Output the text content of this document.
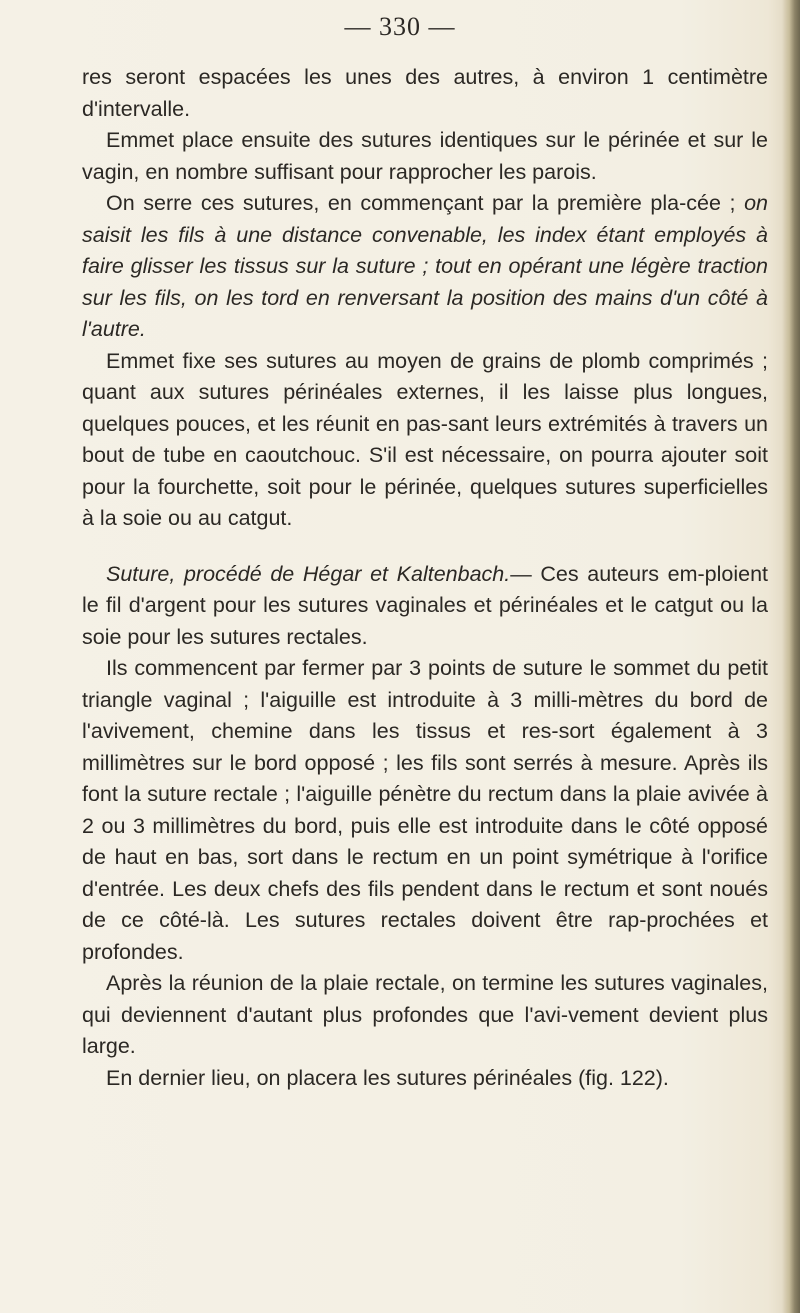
— 330 —

res seront espacées les unes des autres, à environ 1 centimètre d'intervalle.

Emmet place ensuite des sutures identiques sur le périnée et sur le vagin, en nombre suffisant pour rapprocher les parois.

On serre ces sutures, en commençant par la première pla-cée ; on saisit les fils à une distance convenable, les index étant employés à faire glisser les tissus sur la suture ; tout en opérant une légère traction sur les fils, on les tord en renversant la position des mains d'un côté à l'autre.

Emmet fixe ses sutures au moyen de grains de plomb comprimés ; quant aux sutures périnéales externes, il les laisse plus longues, quelques pouces, et les réunit en pas-sant leurs extrémités à travers un bout de tube en caoutchouc. S'il est nécessaire, on pourra ajouter soit pour la fourchette, soit pour le périnée, quelques sutures superficielles à la soie ou au catgut.

Suture, procédé de Hégar et Kaltenbach.— Ces auteurs em-ploient le fil d'argent pour les sutures vaginales et périnéales et le catgut ou la soie pour les sutures rectales.

Ils commencent par fermer par 3 points de suture le sommet du petit triangle vaginal ; l'aiguille est introduite à 3 milli-mètres du bord de l'avivement, chemine dans les tissus et res-sort également à 3 millimètres sur le bord opposé ; les fils sont serrés à mesure. Après ils font la suture rectale ; l'aiguille pénètre du rectum dans la plaie avivée à 2 ou 3 millimètres du bord, puis elle est introduite dans le côté opposé de haut en bas, sort dans le rectum en un point symétrique à l'orifice d'entrée. Les deux chefs des fils pendent dans le rectum et sont noués de ce côté-là. Les sutures rectales doivent être rap-prochées et profondes.

Après la réunion de la plaie rectale, on termine les sutures vaginales, qui deviennent d'autant plus profondes que l'avi-vement devient plus large.

En dernier lieu, on placera les sutures périnéales (fig. 122).
